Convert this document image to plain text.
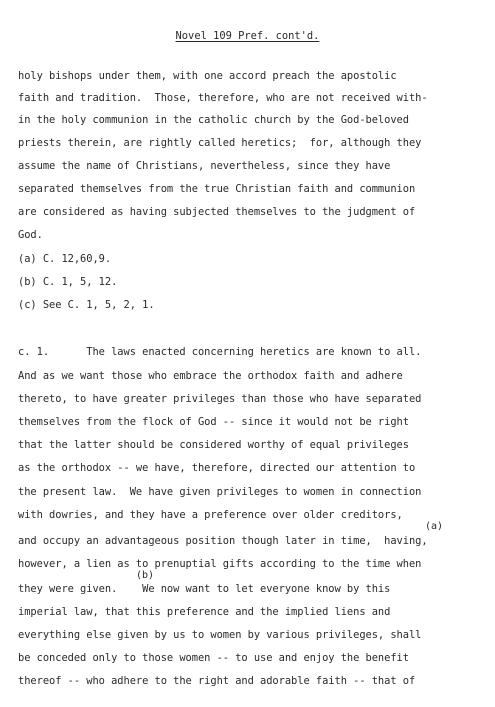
Novel 109 Pref. cont'd.
holy bishops under them, with one accord preach the apostolic
faith and tradition.  Those, therefore, who are not received with-
in the holy communion in the catholic church by the God-beloved
priests therein, are rightly called heretics;  for, although they
assume the name of Christians, nevertheless, since they have
separated themselves from the true Christian faith and communion
are considered as having subjected themselves to the judgment of
God.
(a) C. 12,60,9.
(b) C. 1, 5, 12.
(c) See C. 1, 5, 2, 1.
c. 1.      The laws enacted concerning heretics are known to all.
And as we want those who embrace the orthodox faith and adhere
thereto, to have greater privileges than those who have separated
themselves from the flock of God -- since it would not be right
that the latter should be considered worthy of equal privileges
as the orthodox -- we have, therefore, directed our attention to
the present law.  We have given privileges to women in connection
with dowries, and they have a preference over older creditors,
(a)
and occupy an advantageous position though later in time,  having,
however, a lien as to prenuptial gifts according to the time when
(b)
they were given.    We now want to let everyone know by this
imperial law, that this preference and the implied liens and
everything else given by us to women by various privileges, shall
be conceded only to those women -- to use and enjoy the benefit
thereof -- who adhere to the right and adorable faith -- that of
